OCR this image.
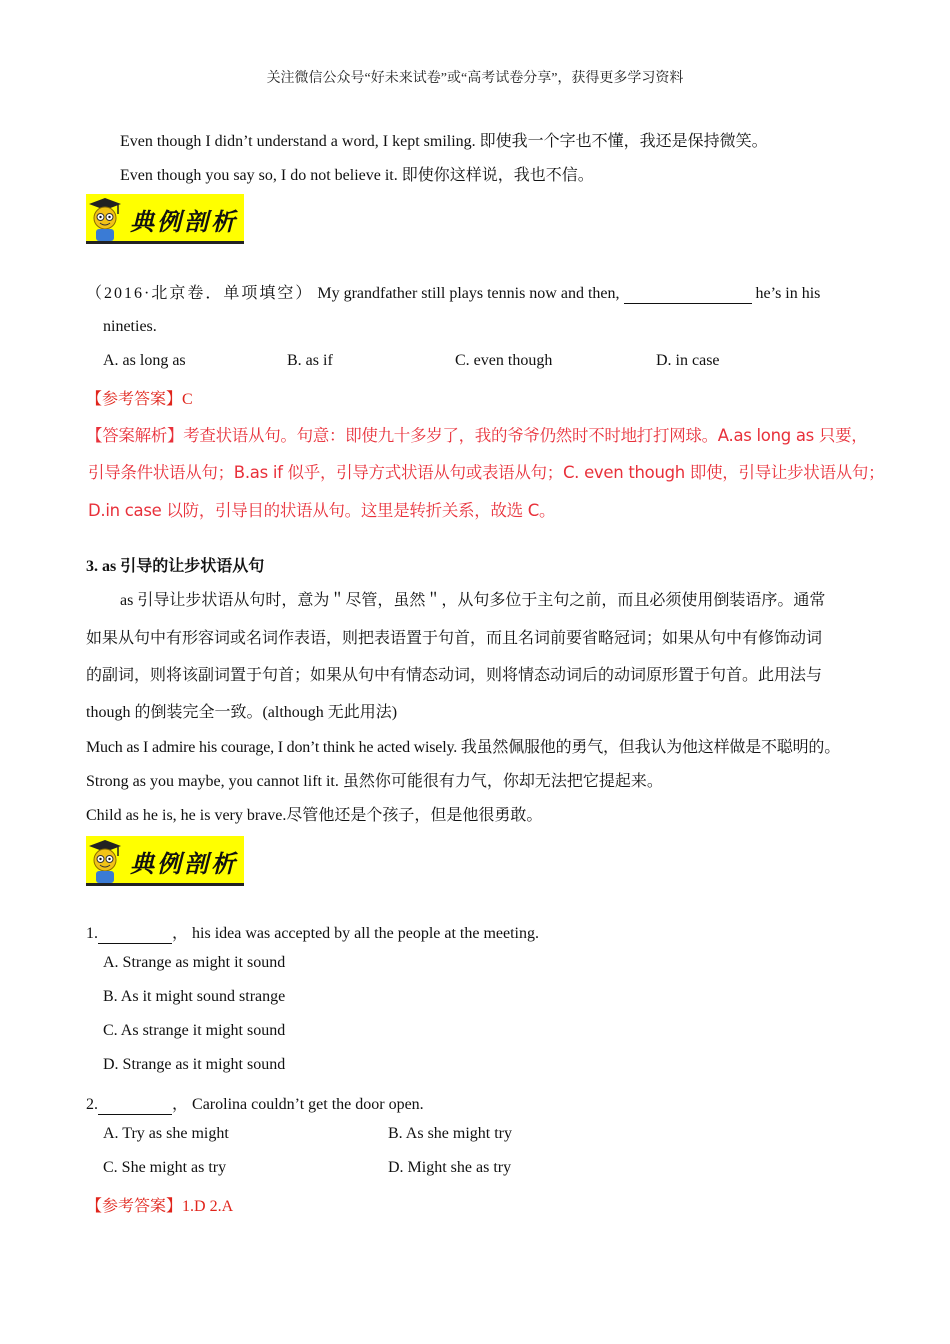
关注微信公众号“好未来试卷”或“高考试卷分享”，获得更多学习资料
Even though I didn’t understand a word, I kept smiling. 即使我一个字也不懂，我还是保持微笑。
Even though you say so, I do not believe it. 即使你这样说，我也不信。
典例剖析
（2016·北京卷．单项填空） My grandfather still plays tennis now and then,	he’s in his
nineties.
A. as long as	B. as if	C. even though	D. in case
【参考答案】C
【答案解析】考查状语从句。句意：即使九十多岁了，我的爷爷仍然时不时地打打网球。A.as long as 只要，
引导条件状语从句；B.as if 似乎，引导方式状语从句或表语从句；C. even though 即使，引导让步状语从句；
D.in case 以防，引导目的状语从句。这里是转折关系，故选 C。
3. as 引导的让步状语从句
as 引导让步状语从句时，意为＂尽管，虽然＂，从句多位于主句之前，而且必须使用倒装语序。通常
如果从句中有形容词或名词作表语，则把表语置于句首，而且名词前要省略冠词；如果从句中有修饰动词
的副词，则将该副词置于句首；如果从句中有情态动词，则将情态动词后的动词原形置于句首。此用法与
though 的倒装完全一致。(although 无此用法)
Much as I admire his courage, I don’t think he acted wisely. 我虽然佩服他的勇气，但我认为他这样做是不聪明的。
Strong as you maybe, you cannot lift it. 虽然你可能很有力气，你却无法把它提起来。
Child as he is, he is very brave.尽管他还是个孩子，但是他很勇敢。
典例剖析
1.	， his idea was accepted by all the people at the meeting.
A. Strange as might it sound
B. As it might sound strange
C. As strange it might sound
D. Strange as it might sound
2.	， Carolina couldn’t get the door open.
A. Try as she might	B. As she might try
C. She might as try	D. Might she as try
【参考答案】1.D 2.A
